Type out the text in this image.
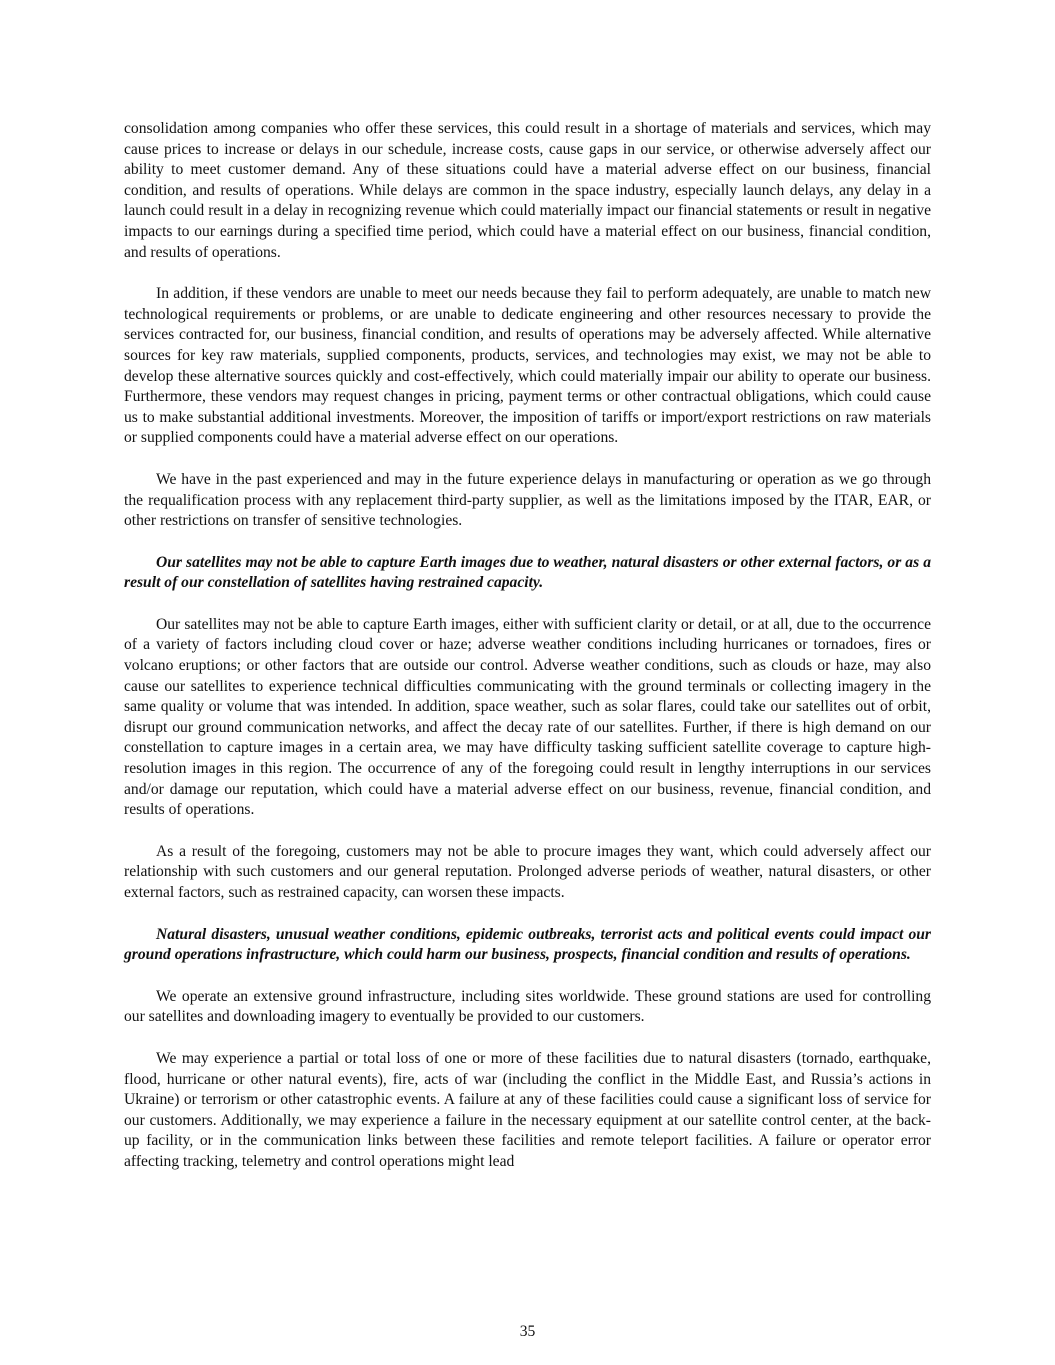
consolidation among companies who offer these services, this could result in a shortage of materials and services, which may cause prices to increase or delays in our schedule, increase costs, cause gaps in our service, or otherwise adversely affect our ability to meet customer demand. Any of these situations could have a material adverse effect on our business, financial condition, and results of operations. While delays are common in the space industry, especially launch delays, any delay in a launch could result in a delay in recognizing revenue which could materially impact our financial statements or result in negative impacts to our earnings during a specified time period, which could have a material effect on our business, financial condition, and results of operations.

In addition, if these vendors are unable to meet our needs because they fail to perform adequately, are unable to match new technological requirements or problems, or are unable to dedicate engineering and other resources necessary to provide the services contracted for, our business, financial condition, and results of operations may be adversely affected. While alternative sources for key raw materials, supplied components, products, services, and technologies may exist, we may not be able to develop these alternative sources quickly and cost-effectively, which could materially impair our ability to operate our business. Furthermore, these vendors may request changes in pricing, payment terms or other contractual obligations, which could cause us to make substantial additional investments. Moreover, the imposition of tariffs or import/export restrictions on raw materials or supplied components could have a material adverse effect on our operations.

We have in the past experienced and may in the future experience delays in manufacturing or operation as we go through the requalification process with any replacement third-party supplier, as well as the limitations imposed by the ITAR, EAR, or other restrictions on transfer of sensitive technologies.

Our satellites may not be able to capture Earth images due to weather, natural disasters or other external factors, or as a result of our constellation of satellites having restrained capacity.

Our satellites may not be able to capture Earth images, either with sufficient clarity or detail, or at all, due to the occurrence of a variety of factors including cloud cover or haze; adverse weather conditions including hurricanes or tornadoes, fires or volcano eruptions; or other factors that are outside our control. Adverse weather conditions, such as clouds or haze, may also cause our satellites to experience technical difficulties communicating with the ground terminals or collecting imagery in the same quality or volume that was intended. In addition, space weather, such as solar flares, could take our satellites out of orbit, disrupt our ground communication networks, and affect the decay rate of our satellites. Further, if there is high demand on our constellation to capture images in a certain area, we may have difficulty tasking sufficient satellite coverage to capture high-resolution images in this region. The occurrence of any of the foregoing could result in lengthy interruptions in our services and/or damage our reputation, which could have a material adverse effect on our business, revenue, financial condition, and results of operations.

As a result of the foregoing, customers may not be able to procure images they want, which could adversely affect our relationship with such customers and our general reputation. Prolonged adverse periods of weather, natural disasters, or other external factors, such as restrained capacity, can worsen these impacts.

Natural disasters, unusual weather conditions, epidemic outbreaks, terrorist acts and political events could impact our ground operations infrastructure, which could harm our business, prospects, financial condition and results of operations.

We operate an extensive ground infrastructure, including sites worldwide. These ground stations are used for controlling our satellites and downloading imagery to eventually be provided to our customers.

We may experience a partial or total loss of one or more of these facilities due to natural disasters (tornado, earthquake, flood, hurricane or other natural events), fire, acts of war (including the conflict in the Middle East, and Russia’s actions in Ukraine) or terrorism or other catastrophic events. A failure at any of these facilities could cause a significant loss of service for our customers. Additionally, we may experience a failure in the necessary equipment at our satellite control center, at the back-up facility, or in the communication links between these facilities and remote teleport facilities. A failure or operator error affecting tracking, telemetry and control operations might lead

35
